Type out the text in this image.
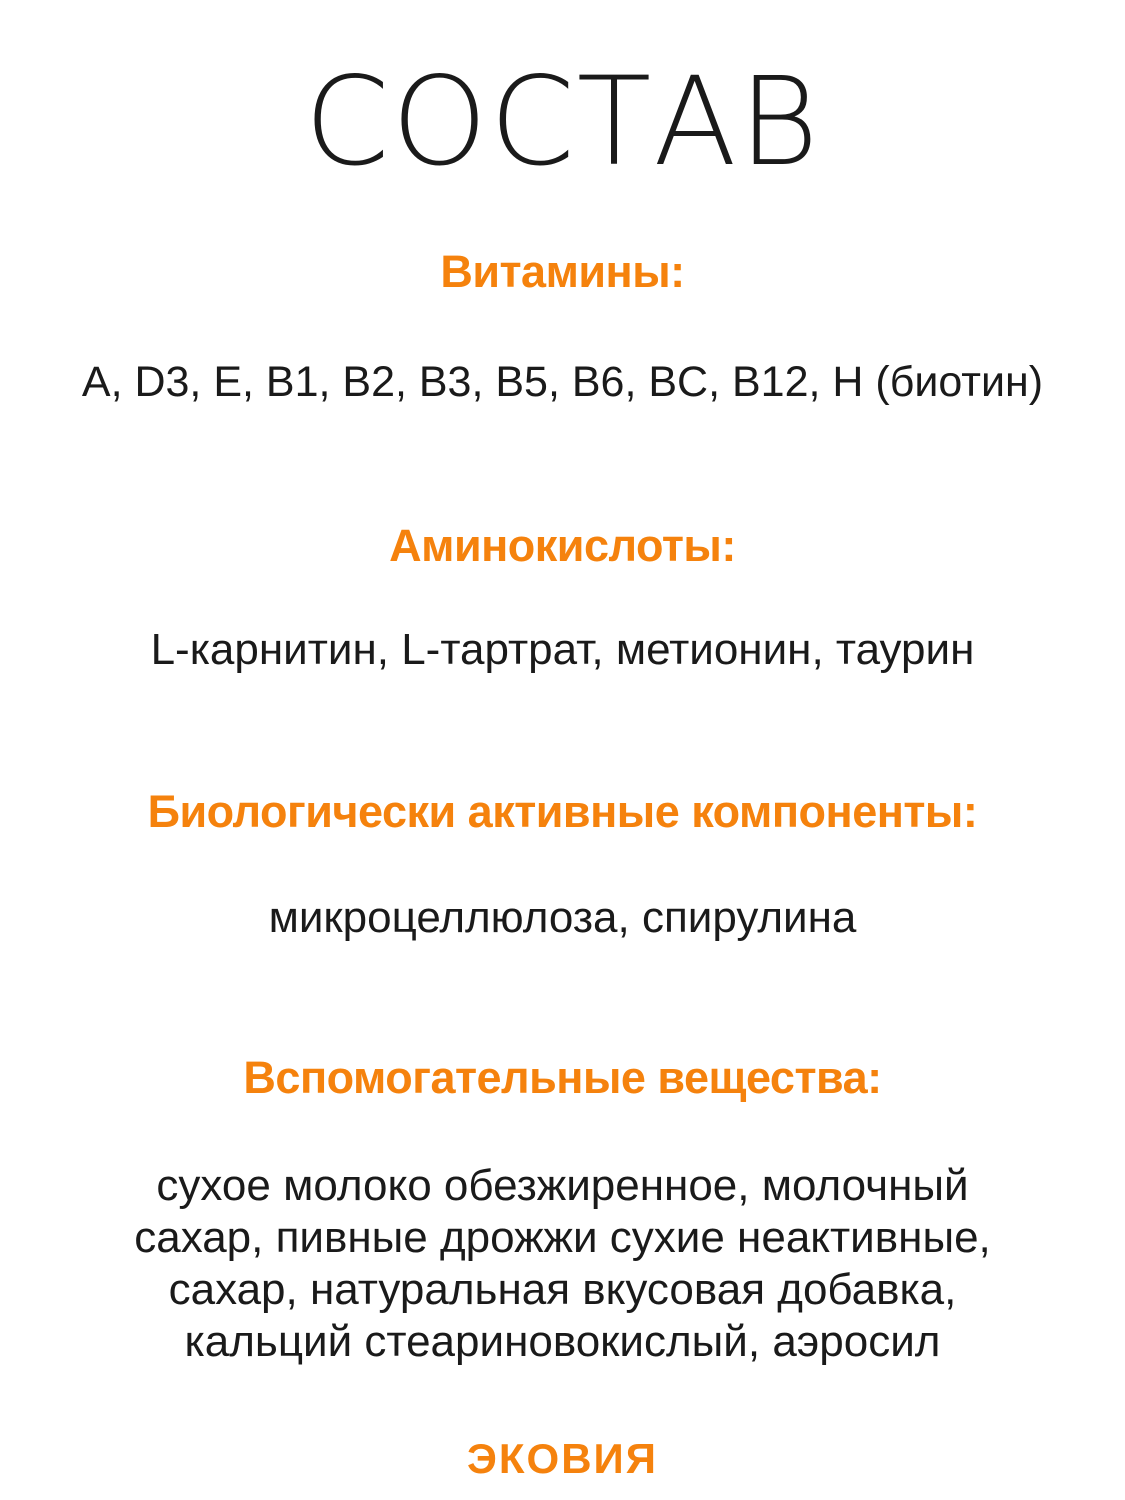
СОСТАВ
Витамины:
A, D3, E, B1, B2, B3, B5, B6, BC, B12, H (биотин)
Аминокислоты:
L-карнитин, L-тартрат, метионин, таурин
Биологически активные компоненты:
микроцеллюлоза, спирулина
Вспомогательные вещества:
сухое молоко обезжиренное, молочный
сахар, пивные дрожжи сухие неактивные,
сахар, натуральная вкусовая добавка,
кальций стеариновокислый, аэросил
ЭКОВИЯ
